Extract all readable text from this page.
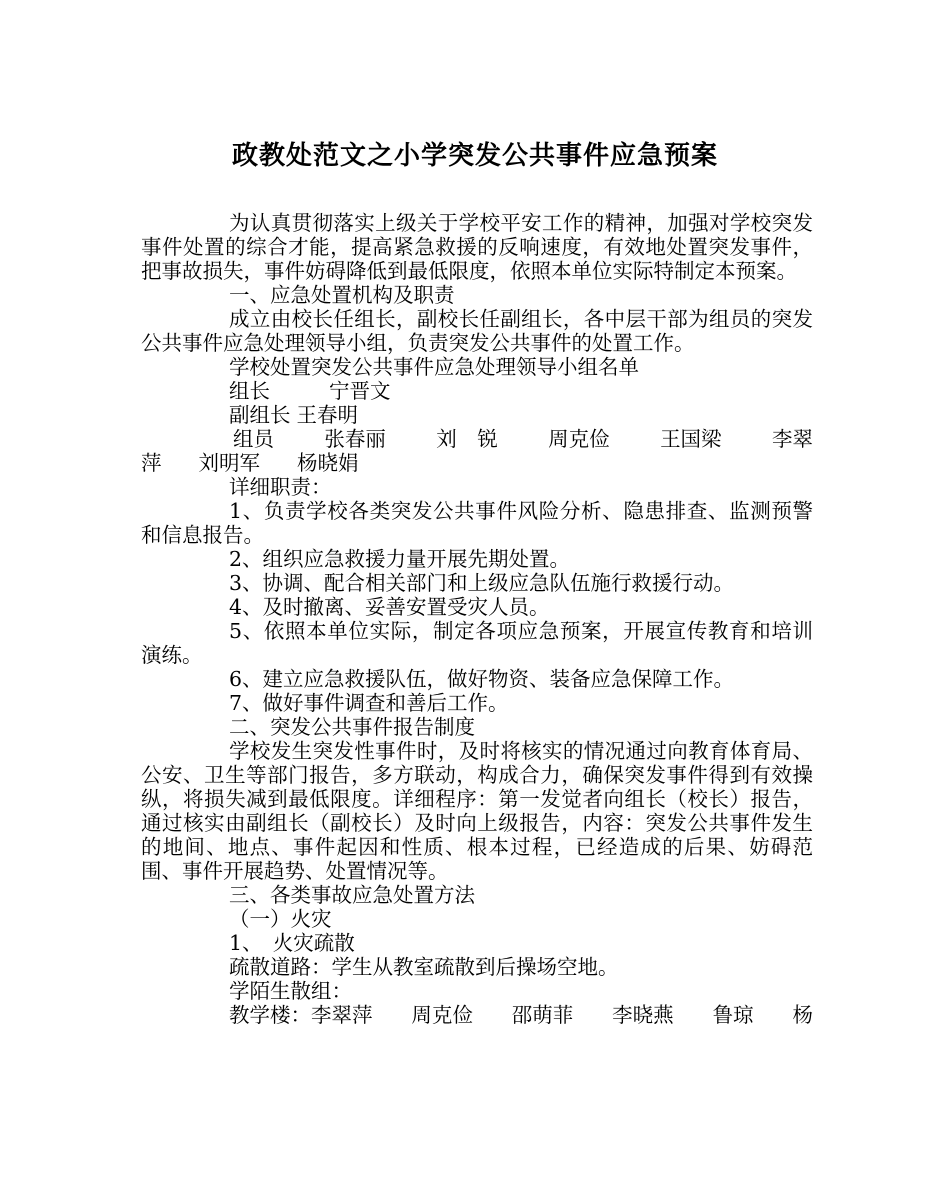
政教处范文之小学突发公共事件应急预案

为认真贯彻落实上级关于学校平安工作的精神，加强对学校突发事件处置的综合才能，提高紧急救援的反响速度，有效地处置突发事件，把事故损失，事件妨碍降低到最低限度，依照本单位实际特制定本预案。

一、应急处置机构及职责

成立由校长任组长，副校长任副组长，各中层干部为组员的突发公共事件应急处理领导小组，负责突发公共事件的处置工作。

学校处置突发公共事件应急处理领导小组名单

组长	宁晋文
副组长 王春明
组员 张春丽 刘　锐 周克俭 王国梁 李翠
萍 刘明军 杨晓娟

详细职责：

1、负责学校各类突发公共事件风险分析、隐患排查、监测预警和信息报告。

2、组织应急救援力量开展先期处置。

3、协调、配合相关部门和上级应急队伍施行救援行动。

4、及时撤离、妥善安置受灾人员。

5、依照本单位实际，制定各项应急预案，开展宣传教育和培训演练。

6、建立应急救援队伍，做好物资、装备应急保障工作。

7、做好事件调查和善后工作。

二、突发公共事件报告制度

学校发生突发性事件时，及时将核实的情况通过向教育体育局、公安、卫生等部门报告，多方联动，构成合力，确保突发事件得到有效操纵，将损失减到最低限度。详细程序：第一发觉者向组长（校长）报告，通过核实由副组长（副校长）及时向上级报告，内容：突发公共事件发生的地间、地点、事件起因和性质、根本过程，已经造成的后果、妨碍范围、事件开展趋势、处置情况等。

三、各类事故应急处置方法

（一）火灾

1、　火灾疏散

疏散道路：学生从教室疏散到后操场空地。

学陌生散组：

教学楼：李翠萍 周克俭 邵萌菲 李晓燕 鲁琼 杨
